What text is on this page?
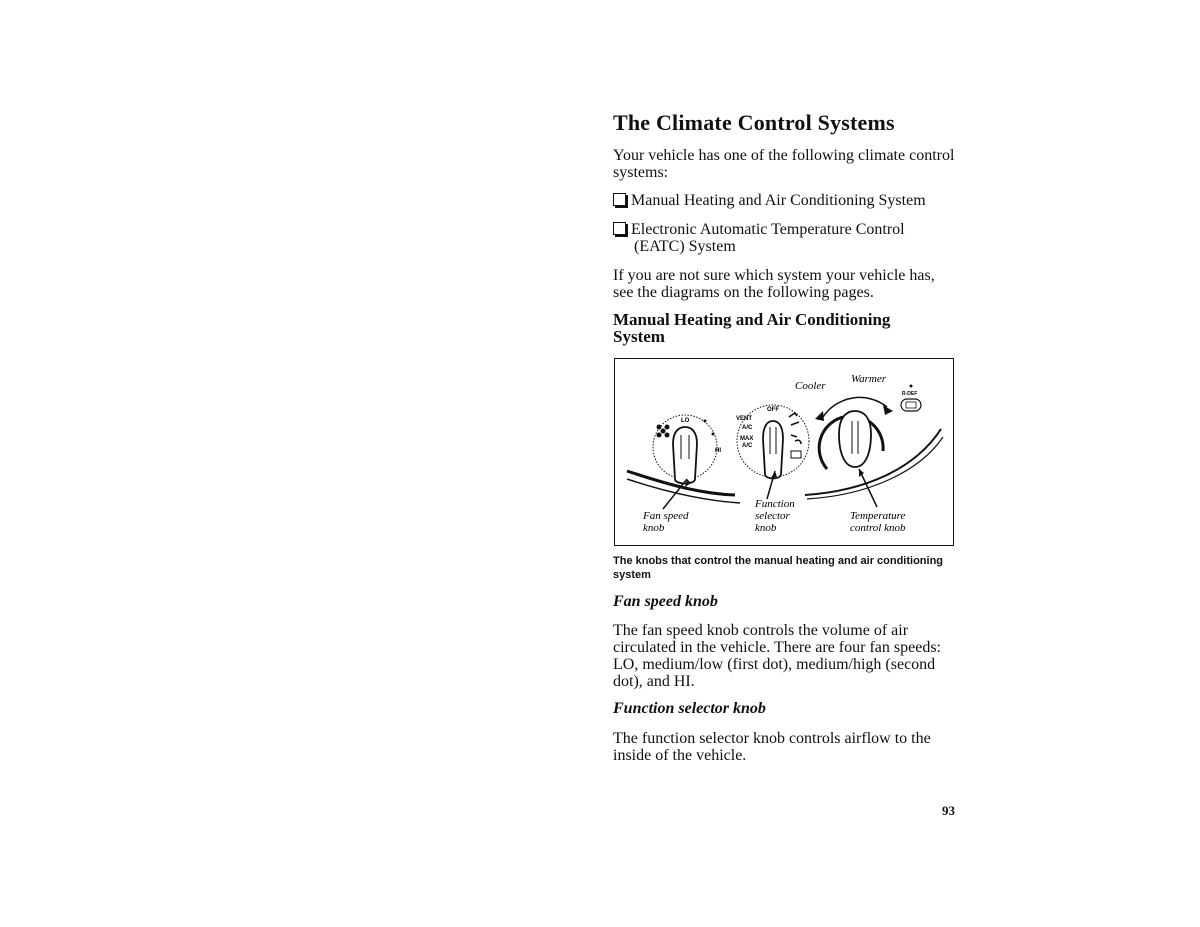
The Climate Control Systems

Your vehicle has one of the following climate control systems:

Manual Heating and Air Conditioning System
Electronic Automatic Temperature Control
(EATC) System

If you are not sure which system your vehicle has, see the diagrams on the following pages.

Manual Heating and Air Conditioning System
LO
HI
OFF
VENT
A/C
MAX
A/C
Cooler
Warmer
R-DEF
Fan speed
knob
Function
selector
knob
Temperature
control knob
The knobs that control the manual heating and air conditioning system
Fan speed knob

The fan speed knob controls the volume of air circulated in the vehicle. There are four fan speeds: LO, medium/low (first dot), medium/high (second dot), and HI.

Function selector knob

The function selector knob controls airflow to the inside of the vehicle.

93
